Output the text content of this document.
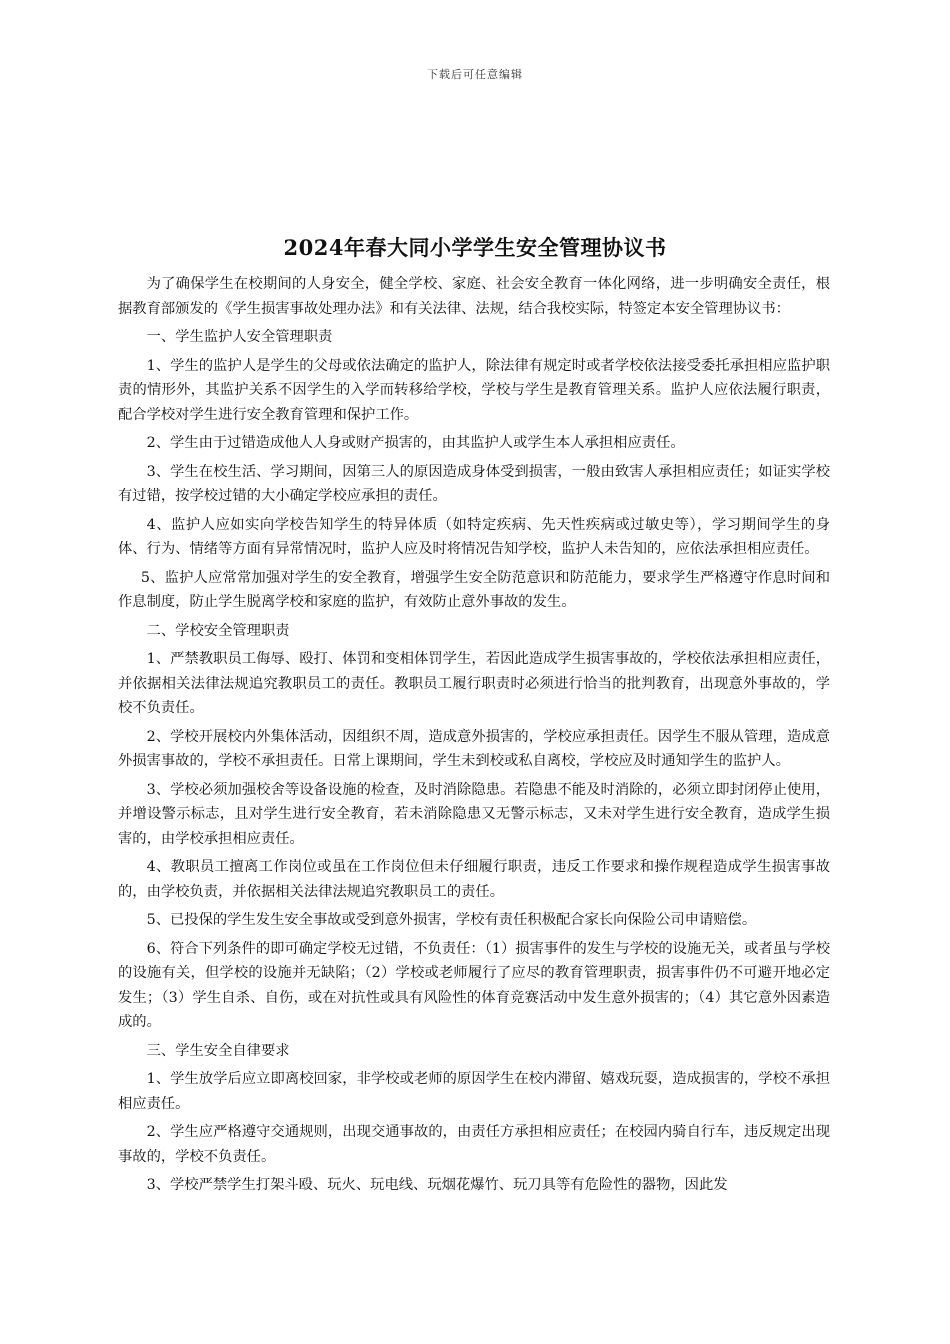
下载后可任意编辑
2024年春大同小学学生安全管理协议书

为了确保学生在校期间的人身安全，健全学校、家庭、社会安全教育一体化网络，进一步明确安全责任，根据教育部颁发的《学生损害事故处理办法》和有关法律、法规，结合我校实际，特签定本安全管理协议书：

一、学生监护人安全管理职责

1、学生的监护人是学生的父母或依法确定的监护人，除法律有规定时或者学校依法接受委托承担相应监护职责的情形外，其监护关系不因学生的入学而转移给学校，学校与学生是教育管理关系。监护人应依法履行职责，配合学校对学生进行安全教育管理和保护工作。

2、学生由于过错造成他人人身或财产损害的，由其监护人或学生本人承担相应责任。

3、学生在校生活、学习期间，因第三人的原因造成身体受到损害，一般由致害人承担相应责任；如证实学校有过错，按学校过错的大小确定学校应承担的责任。

4、监护人应如实向学校告知学生的特异体质（如特定疾病、先天性疾病或过敏史等），学习期间学生的身体、行为、情绪等方面有异常情况时，监护人应及时将情况告知学校，监护人未告知的，应依法承担相应责任。

5、监护人应常常加强对学生的安全教育，增强学生安全防范意识和防范能力，要求学生严格遵守作息时间和作息制度，防止学生脱离学校和家庭的监护，有效防止意外事故的发生。

二、学校安全管理职责

1、严禁教职员工侮辱、殴打、体罚和变相体罚学生，若因此造成学生损害事故的，学校依法承担相应责任，并依据相关法律法规追究教职员工的责任。教职员工履行职责时必须进行恰当的批判教育，出现意外事故的，学校不负责任。

2、学校开展校内外集体活动，因组织不周，造成意外损害的，学校应承担责任。因学生不服从管理，造成意外损害事故的，学校不承担责任。日常上课期间，学生未到校或私自离校，学校应及时通知学生的监护人。

3、学校必须加强校舍等设备设施的检查，及时消除隐患。若隐患不能及时消除的，必须立即封闭停止使用，并增设警示标志，且对学生进行安全教育，若未消除隐患又无警示标志，又未对学生进行安全教育，造成学生损害的，由学校承担相应责任。

4、教职员工擅离工作岗位或虽在工作岗位但未仔细履行职责，违反工作要求和操作规程造成学生损害事故的，由学校负责，并依据相关法律法规追究教职员工的责任。

5、已投保的学生发生安全事故或受到意外损害，学校有责任积极配合家长向保险公司申请赔偿。

6、符合下列条件的即可确定学校无过错，不负责任：（1）损害事件的发生与学校的设施无关，或者虽与学校的设施有关，但学校的设施并无缺陷；（2）学校或老师履行了应尽的教育管理职责，损害事件仍不可避开地必定发生；（3）学生自杀、自伤，或在对抗性或具有风险性的体育竞赛活动中发生意外损害的；（4）其它意外因素造成的。

三、学生安全自律要求

1、学生放学后应立即离校回家，非学校或老师的原因学生在校内滞留、嬉戏玩耍，造成损害的，学校不承担相应责任。

2、学生应严格遵守交通规则，出现交通事故的，由责任方承担相应责任；在校园内骑自行车，违反规定出现事故的，学校不负责任。

3、学校严禁学生打架斗殴、玩火、玩电线、玩烟花爆竹、玩刀具等有危险性的器物，因此发
